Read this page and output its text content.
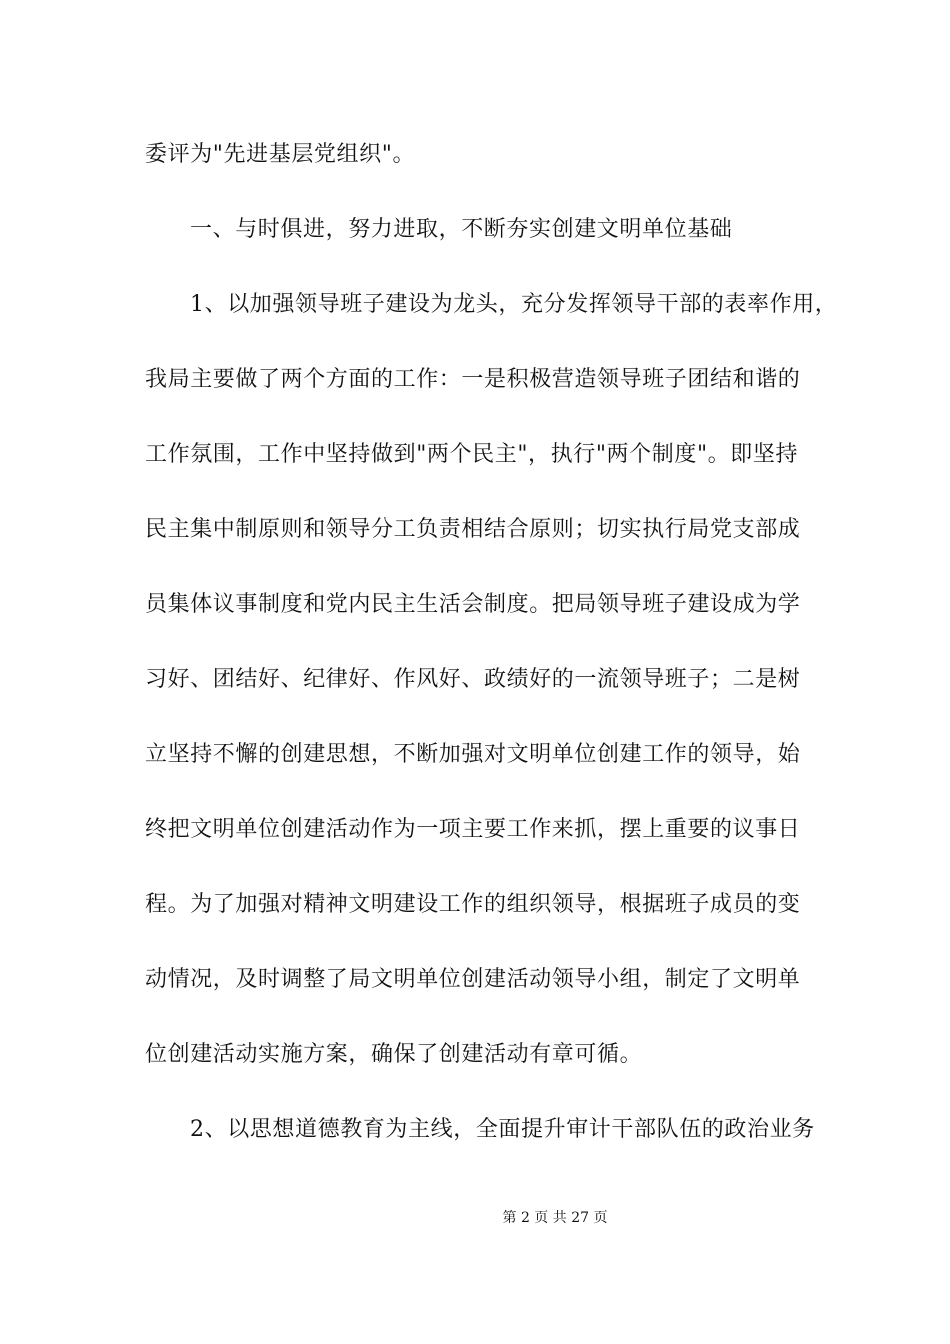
委评为"先进基层党组织"。
一、与时俱进，努力进取，不断夯实创建文明单位基础
1、以加强领导班子建设为龙头，充分发挥领导干部的表率作用，
我局主要做了两个方面的工作：一是积极营造领导班子团结和谐的
工作氛围，工作中坚持做到"两个民主"，执行"两个制度"。即坚持
民主集中制原则和领导分工负责相结合原则；切实执行局党支部成
员集体议事制度和党内民主生活会制度。把局领导班子建设成为学
习好、团结好、纪律好、作风好、政绩好的一流领导班子；二是树
立坚持不懈的创建思想，不断加强对文明单位创建工作的领导，始
终把文明单位创建活动作为一项主要工作来抓，摆上重要的议事日
程。为了加强对精神文明建设工作的组织领导，根据班子成员的变
动情况，及时调整了局文明单位创建活动领导小组，制定了文明单
位创建活动实施方案，确保了创建活动有章可循。
2、以思想道德教育为主线，全面提升审计干部队伍的政治业务
第 2 页 共 27 页
